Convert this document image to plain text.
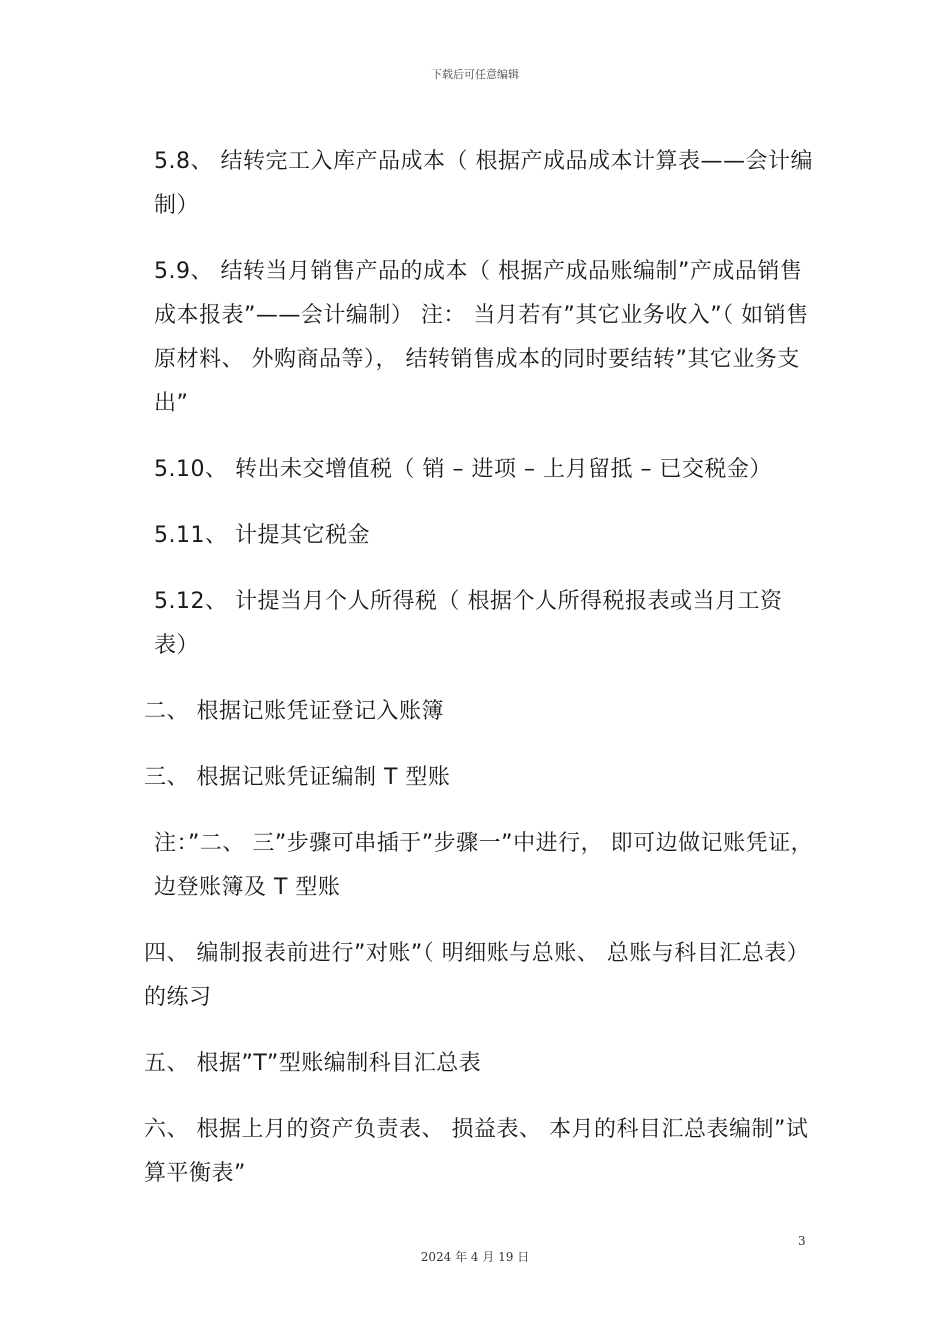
下载后可任意编辑

5.8、 结转完工入库产品成本（ 根据产成品成本计算表——会计编制）

5.9、 结转当月销售产品的成本（ 根据产成品账编制”产成品销售成本报表”——会计编制） 注： 当月若有”其它业务收入”（ 如销售原材料、 外购商品等）， 结转销售成本的同时要结转”其它业务支出”

5.10、 转出未交增值税（ 销 – 进项 – 上月留抵 – 已交税金）

5.11、 计提其它税金

5.12、 计提当月个人所得税（ 根据个人所得税报表或当月工资表）

二、 根据记账凭证登记入账簿

三、 根据记账凭证编制 T 型账

注：”二、 三”步骤可串插于”步骤一”中进行， 即可边做记账凭证， 边登账簿及 T 型账

四、 编制报表前进行”对账”（ 明细账与总账、 总账与科目汇总表） 的练习

五、 根据”T”型账编制科目汇总表

六、 根据上月的资产负责表、 损益表、 本月的科目汇总表编制”试算平衡表”

3
2024 年 4 月 19 日
